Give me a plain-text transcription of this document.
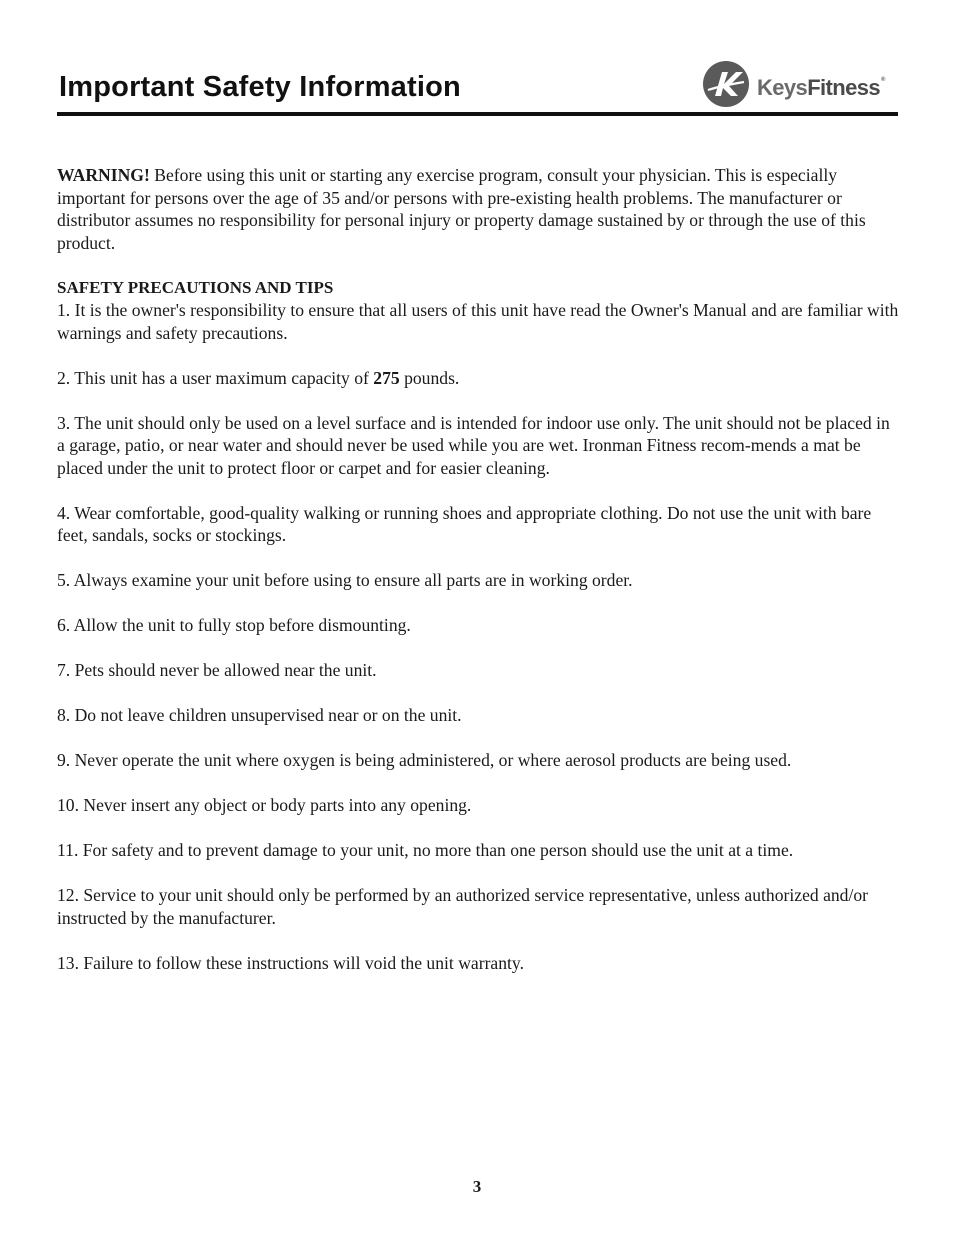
Important Safety Information	KeysFitness®

WARNING! Before using this unit or starting any exercise program, consult your physician. This is especially important for persons over the age of 35 and/or persons with pre-existing health problems. The manufacturer or distributor assumes no responsibility for personal injury or property damage sustained by or through the use of this product.

SAFETY PRECAUTIONS AND TIPS

1. It is the owner's responsibility to ensure that all users of this unit have read the Owner's Manual and are familiar with warnings and safety precautions.

2. This unit has a user maximum capacity of 275 pounds.

3. The unit should only be used on a level surface and is intended for indoor use only. The unit should not be placed in a garage, patio, or near water and should never be used while you are wet. Ironman Fitness recom-mends a mat be placed under the unit to protect floor or carpet and for easier cleaning.

4. Wear comfortable, good-quality walking or running shoes and appropriate clothing. Do not use the unit with bare feet, sandals, socks or stockings.

5. Always examine your unit before using to ensure all parts are in working order.

6. Allow the unit to fully stop before dismounting.

7. Pets should never be allowed near the unit.

8. Do not leave children unsupervised near or on the unit.

9. Never operate the unit where oxygen is being administered, or where aerosol products are being used.

10. Never insert any object or body parts into any opening.

11. For safety and to prevent damage to your unit, no more than one person should use the unit at a time.

12. Service to your unit should only be performed by an authorized service representative, unless authorized and/or instructed by the manufacturer.

13. Failure to follow these instructions will void the unit warranty.

3
